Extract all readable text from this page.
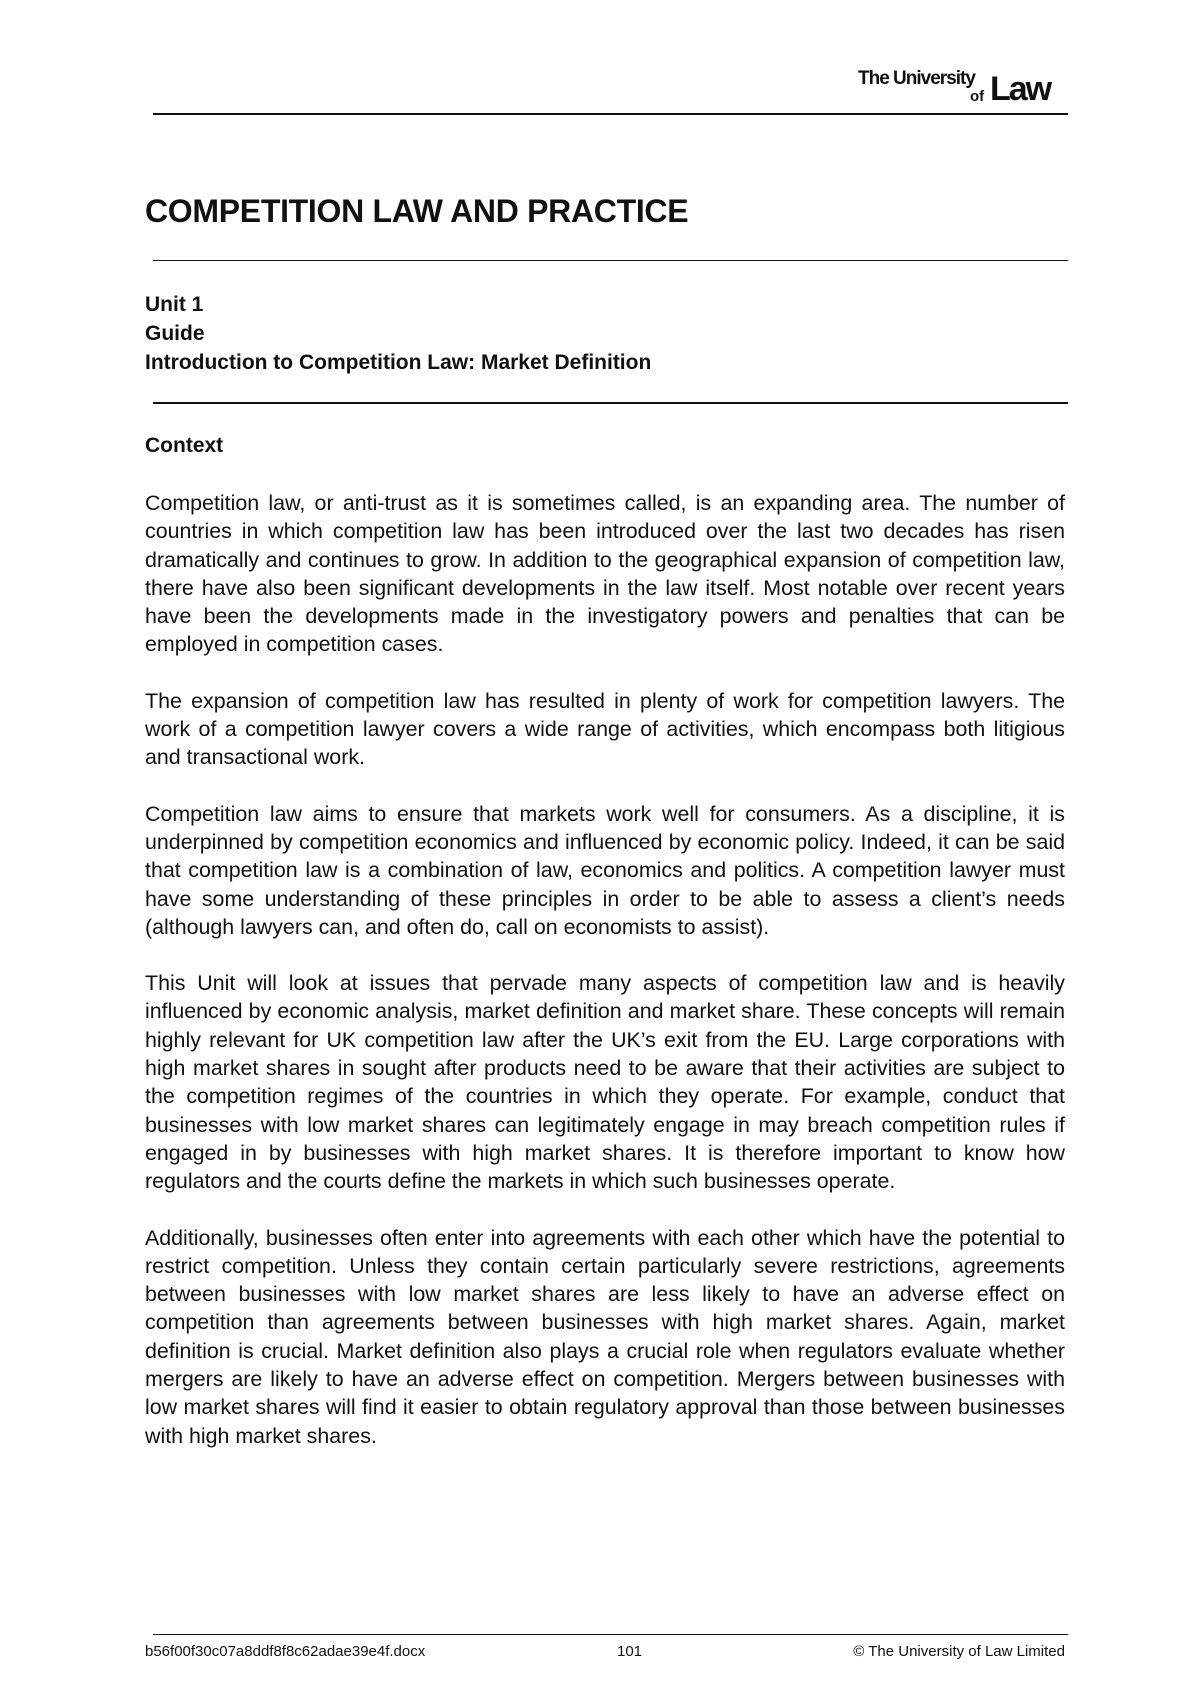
The University
of Law
COMPETITION LAW AND PRACTICE
Unit 1
Guide
Introduction to Competition Law: Market Definition
Context

Competition law, or anti-trust as it is sometimes called, is an expanding area. The number of countries in which competition law has been introduced over the last two decades has risen dramatically and continues to grow. In addition to the geographical expansion of competition law, there have also been significant developments in the law itself. Most notable over recent years have been the developments made in the investigatory powers and penalties that can be employed in competition cases.

The expansion of competition law has resulted in plenty of work for competition lawyers. The work of a competition lawyer covers a wide range of activities, which encompass both litigious and transactional work.

Competition law aims to ensure that markets work well for consumers. As a discipline, it is underpinned by competition economics and influenced by economic policy. Indeed, it can be said that competition law is a combination of law, economics and politics. A competition lawyer must have some understanding of these principles in order to be able to assess a client’s needs (although lawyers can, and often do, call on economists to assist).

This Unit will look at issues that pervade many aspects of competition law and is heavily influenced by economic analysis, market definition and market share. These concepts will remain highly relevant for UK competition law after the UK’s exit from the EU. Large corporations with high market shares in sought after products need to be aware that their activities are subject to the competition regimes of the countries in which they operate. For example, conduct that businesses with low market shares can legitimately engage in may breach competition rules if engaged in by businesses with high market shares. It is therefore important to know how regulators and the courts define the markets in which such businesses operate.

Additionally, businesses often enter into agreements with each other which have the potential to restrict competition. Unless they contain certain particularly severe restrictions, agreements between businesses with low market shares are less likely to have an adverse effect on competition than agreements between businesses with high market shares. Again, market definition is crucial. Market definition also plays a crucial role when regulators evaluate whether mergers are likely to have an adverse effect on competition. Mergers between businesses with low market shares will find it easier to obtain regulatory approval than those between businesses with high market shares.

b56f00f30c07a8ddf8f8c62adae39e4f.docx	101	© The University of Law Limited
